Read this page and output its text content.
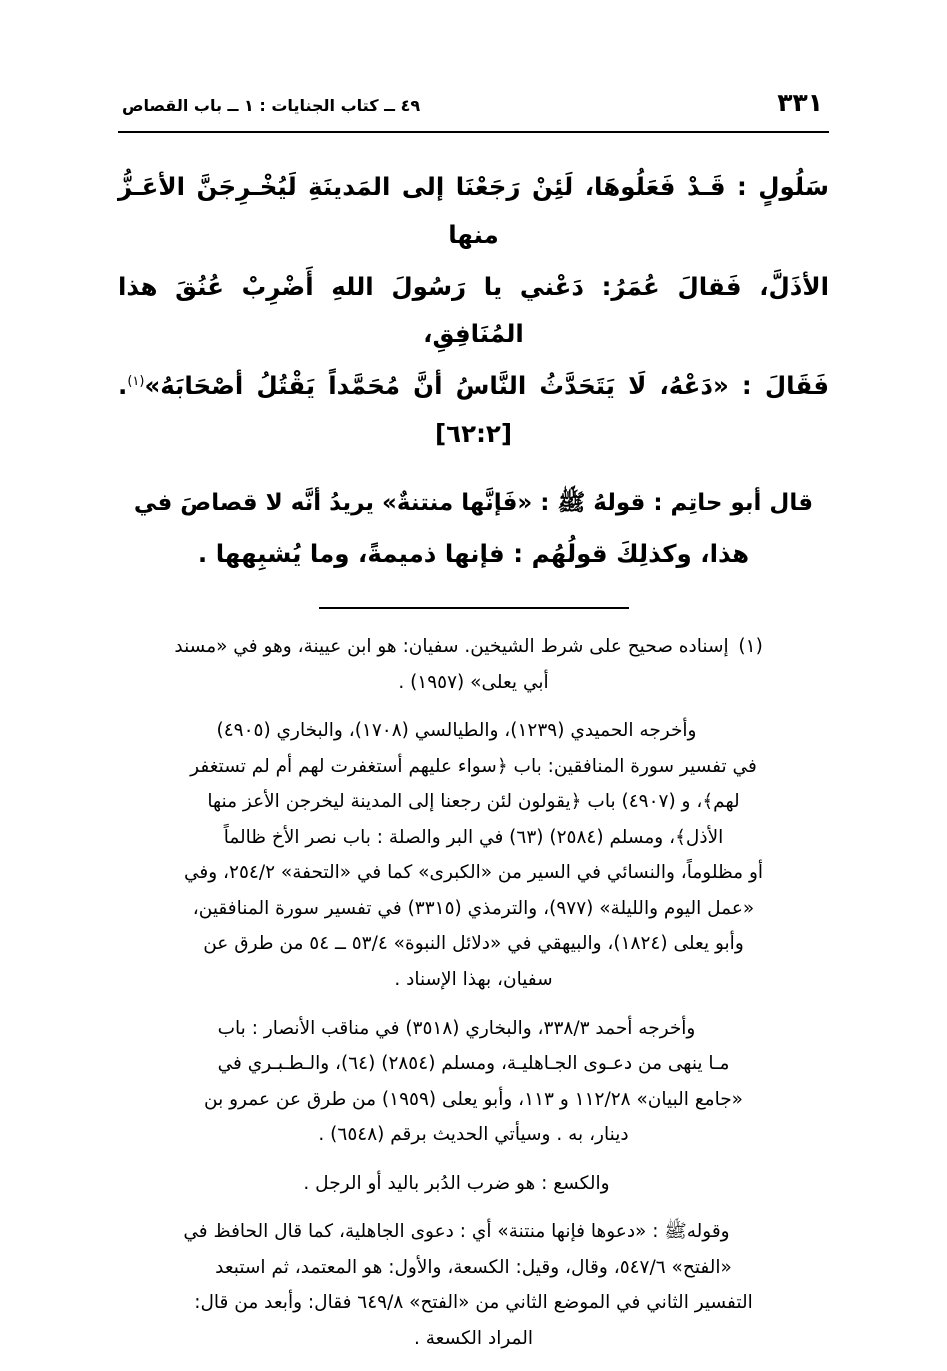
٣٣١
٤٩ ــ كتاب الجنايات : ١ ــ باب القصاص

سَلُولٍ : قَـدْ فَعَلُوهَا، لَئِنْ رَجَعْنَا إلى المَدينَةِ لَيُخْـرِجَنَّ الأعَـزُّ منها

الأذَلَّ، فَقالَ عُمَرُ: دَعْني يا رَسُولَ اللهِ أَضْرِبْ عُنُقَ هذا المُنَافِقِ،

فَقَالَ : «دَعْهُ، لَا يَتَحَدَّثُ النَّاسُ أنَّ مُحَمَّداً يَقْتُلُ أصْحَابَهُ»$^{(١)}$. [٦٢:٢]

قال أبو حاتِم : قولهُ ﷺ : «فَإنَّها منتنةٌ» يريدُ أنَّه لا قصاصَ في

هذا، وكذلِكَ قولُهُم : فإنها ذميمةً، وما يُشبِهها .

(١)إسناده صحيح على شرط الشيخين. سفيان: هو ابن عيينة، وهو في «مسند

أبي يعلى» (١٩٥٧) .

وأخرجه الحميدي (١٢٣٩)، والطيالسي (١٧٠٨)، والبخاري (٤٩٠٥)

في تفسير سورة المنافقين: باب ﴿سواء عليهم أستغفرت لهم أم لم تستغفر

لهم﴾، و (٤٩٠٧) باب ﴿يقولون لئن رجعنا إلى المدينة ليخرجن الأعز منها

الأذل﴾، ومسلم (٢٥٨٤) (٦٣) في البر والصلة : باب نصر الأخ ظالماً

أو مظلوماً، والنسائي في السير من «الكبرى» كما في «التحفة» ٢٥٤/٢، وفي

«عمل اليوم والليلة» (٩٧٧)، والترمذي (٣٣١٥) في تفسير سورة المنافقين،

وأبو يعلى (١٨٢٤)، والبيهقي في «دلائل النبوة» ٥٣/٤ ــ ٥٤ من طرق عن

سفيان، بهذا الإسناد .

وأخرجه أحمد ٣٣٨/٣، والبخاري (٣٥١٨) في مناقب الأنصار : باب

مـا ينهى من دعـوى الجـاهليـة، ومسلم (٢٨٥٤) (٦٤)، والـطـبـري في

«جامع البيان» ١١٢/٢٨ و ١١٣، وأبو يعلى (١٩٥٩) من طرق عن عمرو بن

دينار، به . وسيأتي الحديث برقم (٦٥٤٨) .

والكسع : هو ضرب الدُبر باليد أو الرجل .

وقولهﷺ : «دعوها فإنها منتنة» أي : دعوى الجاهلية، كما قال الحافظ في

«الفتح» ٥٤٧/٦، وقال، وقيل: الكسعة، والأول: هو المعتمد، ثم استبعد

التفسير الثاني في الموضع الثاني من «الفتح» ٦٤٩/٨ فقال: وأبعد من قال:

المراد الكسعة .
